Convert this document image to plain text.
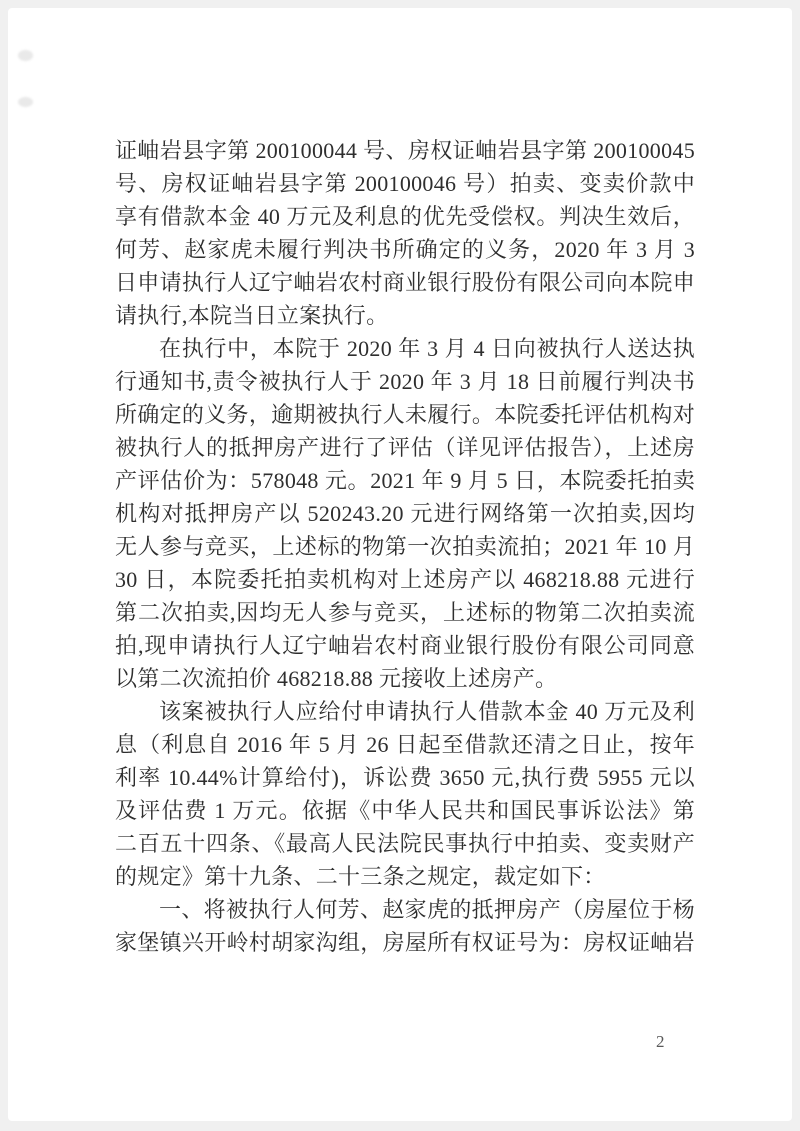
证岫岩县字第 200100044 号、房权证岫岩县字第 200100045 号、房权证岫岩县字第 200100046 号）拍卖、变卖价款中享有借款本金 40 万元及利息的优先受偿权。判决生效后，何芳、赵家虎未履行判决书所确定的义务，2020 年 3 月 3 日申请执行人辽宁岫岩农村商业银行股份有限公司向本院申请执行,本院当日立案执行。

在执行中，本院于 2020 年 3 月 4 日向被执行人送达执行通知书,责令被执行人于 2020 年 3 月 18 日前履行判决书所确定的义务，逾期被执行人未履行。本院委托评估机构对被执行人的抵押房产进行了评估（详见评估报告），上述房产评估价为：578048 元。2021 年 9 月 5 日，本院委托拍卖机构对抵押房产以 520243.20 元进行网络第一次拍卖,因均无人参与竞买，上述标的物第一次拍卖流拍；2021 年 10 月 30 日，本院委托拍卖机构对上述房产以 468218.88 元进行第二次拍卖,因均无人参与竞买，上述标的物第二次拍卖流拍,现申请执行人辽宁岫岩农村商业银行股份有限公司同意以第二次流拍价 468218.88 元接收上述房产。

该案被执行人应给付申请执行人借款本金 40 万元及利息（利息自 2016 年 5 月 26 日起至借款还清之日止，按年利率 10.44%计算给付)，诉讼费 3650 元,执行费 5955 元以及评估费 1 万元。依据《中华人民共和国民事诉讼法》第二百五十四条、《最高人民法院民事执行中拍卖、变卖财产的规定》第十九条、二十三条之规定，裁定如下：

一、将被执行人何芳、赵家虎的抵押房产（房屋位于杨家堡镇兴开岭村胡家沟组，房屋所有权证号为：房权证岫岩

2
